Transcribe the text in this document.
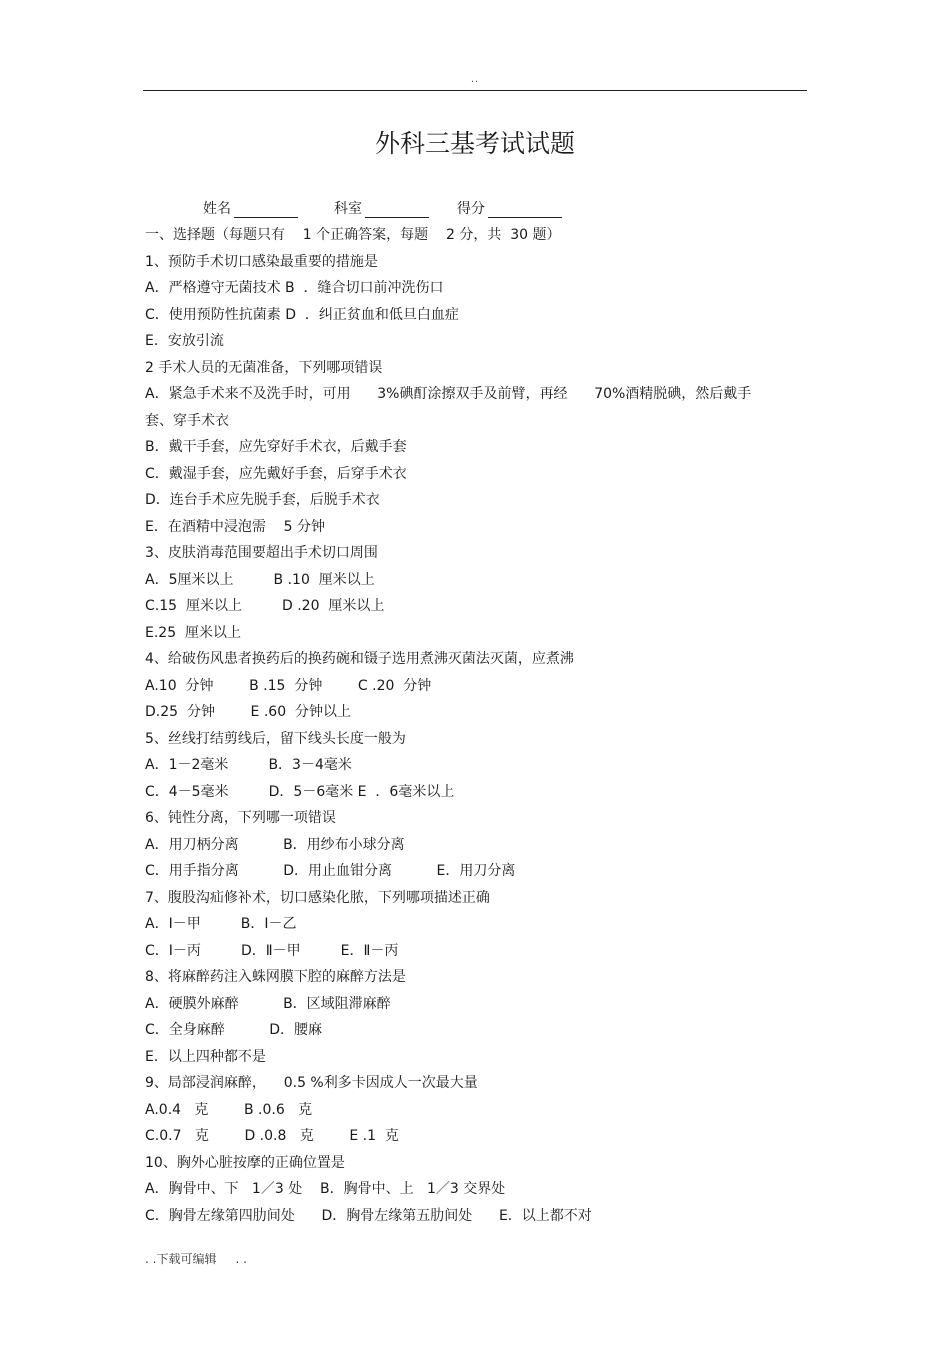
..
外科三基考试试题
姓名	科室	得分
一、选择题（每题只有    1 个正确答案，每题    2 分，共  30 题）
1、预防手术切口感染最重要的措施是
A．严格遵守无菌技术 B  ．缝合切口前冲洗伤口
C．使用预防性抗菌素 D  ．纠正贫血和低旦白血症
E．安放引流
2 手术人员的无菌准备，下列哪项错误
A．紧急手术来不及洗手时，可用      3%碘酊涂擦双手及前臂，再经      70%酒精脱碘，然后戴手
套、穿手术衣
B．戴干手套，应先穿好手术衣，后戴手套
C．戴湿手套，应先戴好手套，后穿手术衣
D．连台手术应先脱手套，后脱手术衣
E．在酒精中浸泡需    5 分钟
3、皮肤消毒范围要超出手术切口周围
A．5厘米以上         B .10  厘米以上
C.15  厘米以上         D .20  厘米以上
E.25  厘米以上
4、给破伤风患者换药后的换药碗和镊子选用煮沸灭菌法灭菌，应煮沸
A.10  分钟        B .15  分钟        C .20  分钟
D.25  分钟        E .60  分钟以上
5、丝线打结剪线后，留下线头长度一般为
A．1－2毫米         B．3－4毫米
C．4－5毫米         D．5－6毫米 E  ．6毫米以上
6、钝性分离，下列哪一项错误
A．用刀柄分离          B．用纱布小球分离
C．用手指分离          D．用止血钳分离          E．用刀分离
7、腹股沟疝修补术，切口感染化脓，下列哪项描述正确
A．Ⅰ－甲         B．Ⅰ－乙
C．Ⅰ－丙         D．Ⅱ－甲         E．Ⅱ－丙
8、将麻醉药注入蛛网膜下腔的麻醉方法是
A．硬膜外麻醉          B．区域阻滞麻醉
C．全身麻醉          D．腰麻
E．以上四种都不是
9、局部浸润麻醉，    0.5 %利多卡因成人一次最大量
A.0.4   克        B .0.6   克
C.0.7   克        D .0.8   克        E .1  克
10、胸外心脏按摩的正确位置是
A．胸骨中、下   1／3 处    B．胸骨中、上   1／3 交界处
C．胸骨左缘第四肋间处      D．胸骨左缘第五肋间处      E．以上都不对
. .下载可编辑     . .
